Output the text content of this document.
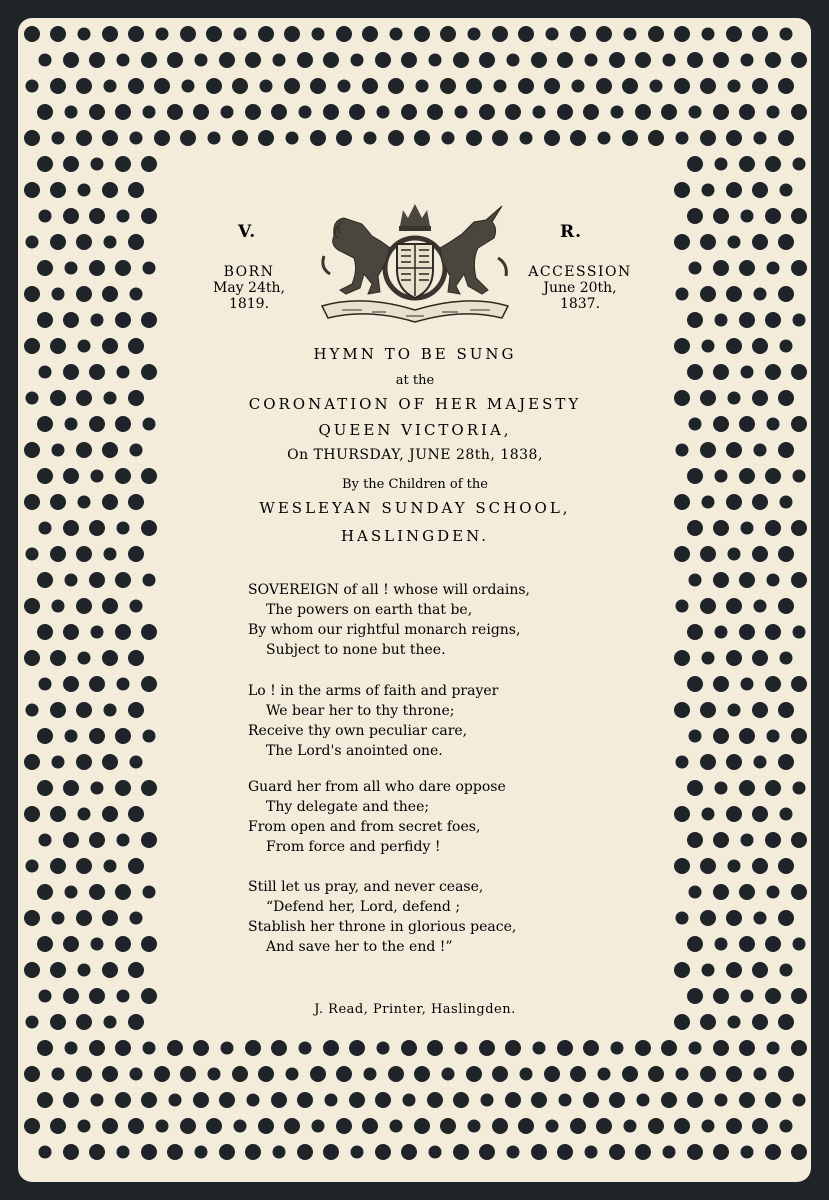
V.	R.
BORN
May 24th,
1819.
ACCESSION
June 20th,
1837.
HYMN TO BE SUNG
at the
CORONATION OF HER MAJESTY
QUEEN VICTORIA,
On THURSDAY, JUNE 28th, 1838,
By the Children of the
WESLEYAN SUNDAY SCHOOL,
HASLINGDEN.
SOVEREIGN of all ! whose will ordains,
The powers on earth that be,
By whom our rightful monarch reigns,
Subject to none but thee.
Lo ! in the arms of faith and prayer
We bear her to thy throne;
Receive thy own peculiar care,
The Lord's anointed one.
Guard her from all who dare oppose
Thy delegate and thee;
From open and from secret foes,
From force and perfidy !
Still let us pray, and never cease,
“Defend her, Lord, defend ;
Stablish her throne in glorious peace,
And save her to the end !”
J. Read, Printer, Haslingden.
